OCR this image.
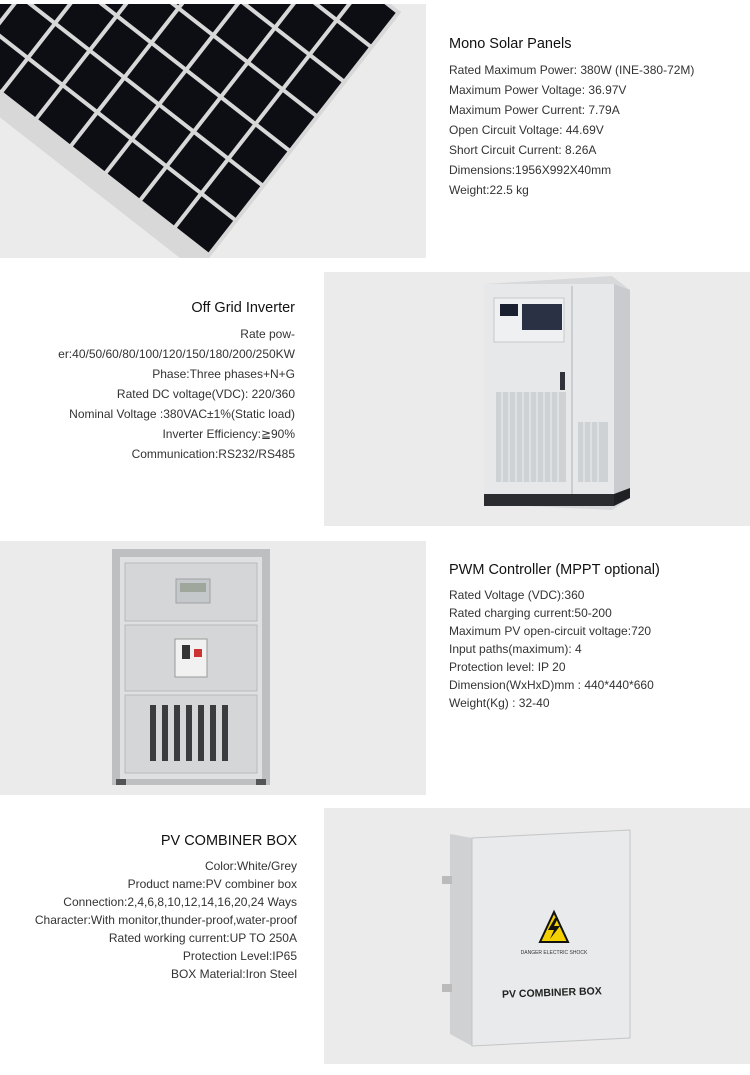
Mono Solar Panels
Rated Maximum Power: 380W (INE-380-72M)
Maximum Power Voltage: 36.97V
Maximum Power Current: 7.79A
Open Circuit Voltage: 44.69V
Short Circuit Current: 8.26A
Dimensions:1956X992X40mm
Weight:22.5 kg
Off Grid Inverter
Rate pow-
er:40/50/60/80/100/120/150/180/200/250KW
Phase:Three phases+N+G
Rated DC voltage(VDC): 220/360
Nominal Voltage :380VAC±1%(Static load)
Inverter Efficiency:≧90%
Communication:RS232/RS485
PWM Controller (MPPT optional)
Rated Voltage (VDC):360
Rated charging current:50-200
Maximum PV open-circuit voltage:720
Input paths(maximum): 4
Protection level: IP 20
Dimension(WxHxD)mm : 440*440*660
Weight(Kg) : 32-40
PV COMBINER BOX
Color:White/Grey
Product name:PV combiner box
Connection:2,4,6,8,10,12,14,16,20,24 Ways
Character:With monitor,thunder-proof,water-proof
Rated working current:UP TO 250A
Protection Level:IP65
BOX Material:Iron Steel
DANGER ELECTRIC SHOCK
PV COMBINER BOX
